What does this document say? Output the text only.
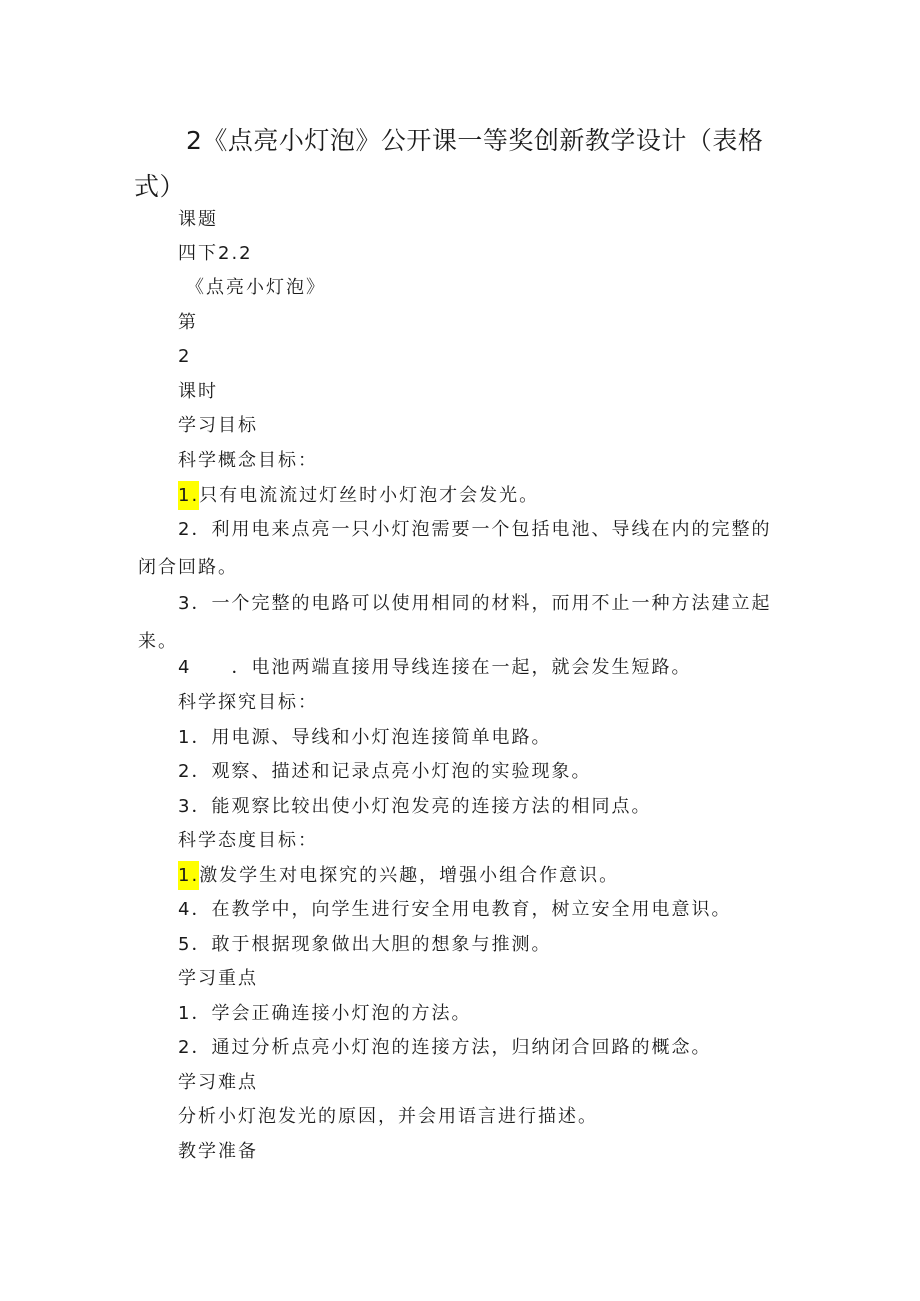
2《点亮小灯泡》公开课一等奖创新教学设计（表格式）
课题
四下2.2
《点亮小灯泡》
第
2
课时
学习目标
科学概念目标：
1.只有电流流过灯丝时小灯泡才会发光。
2．利用电来点亮一只小灯泡需要一个包括电池、导线在内的完整的闭合回路。
3．一个完整的电路可以使用相同的材料，而用不止一种方法建立起来。
4  ．电池两端直接用导线连接在一起，就会发生短路。
科学探究目标：
1．用电源、导线和小灯泡连接简单电路。
2．观察、描述和记录点亮小灯泡的实验现象。
3．能观察比较出使小灯泡发亮的连接方法的相同点。
科学态度目标：
1.激发学生对电探究的兴趣，增强小组合作意识。
4．在教学中，向学生进行安全用电教育，树立安全用电意识。
5．敢于根据现象做出大胆的想象与推测。
学习重点
1．学会正确连接小灯泡的方法。
2．通过分析点亮小灯泡的连接方法，归纳闭合回路的概念。
学习难点
分析小灯泡发光的原因，并会用语言进行描述。
教学准备
